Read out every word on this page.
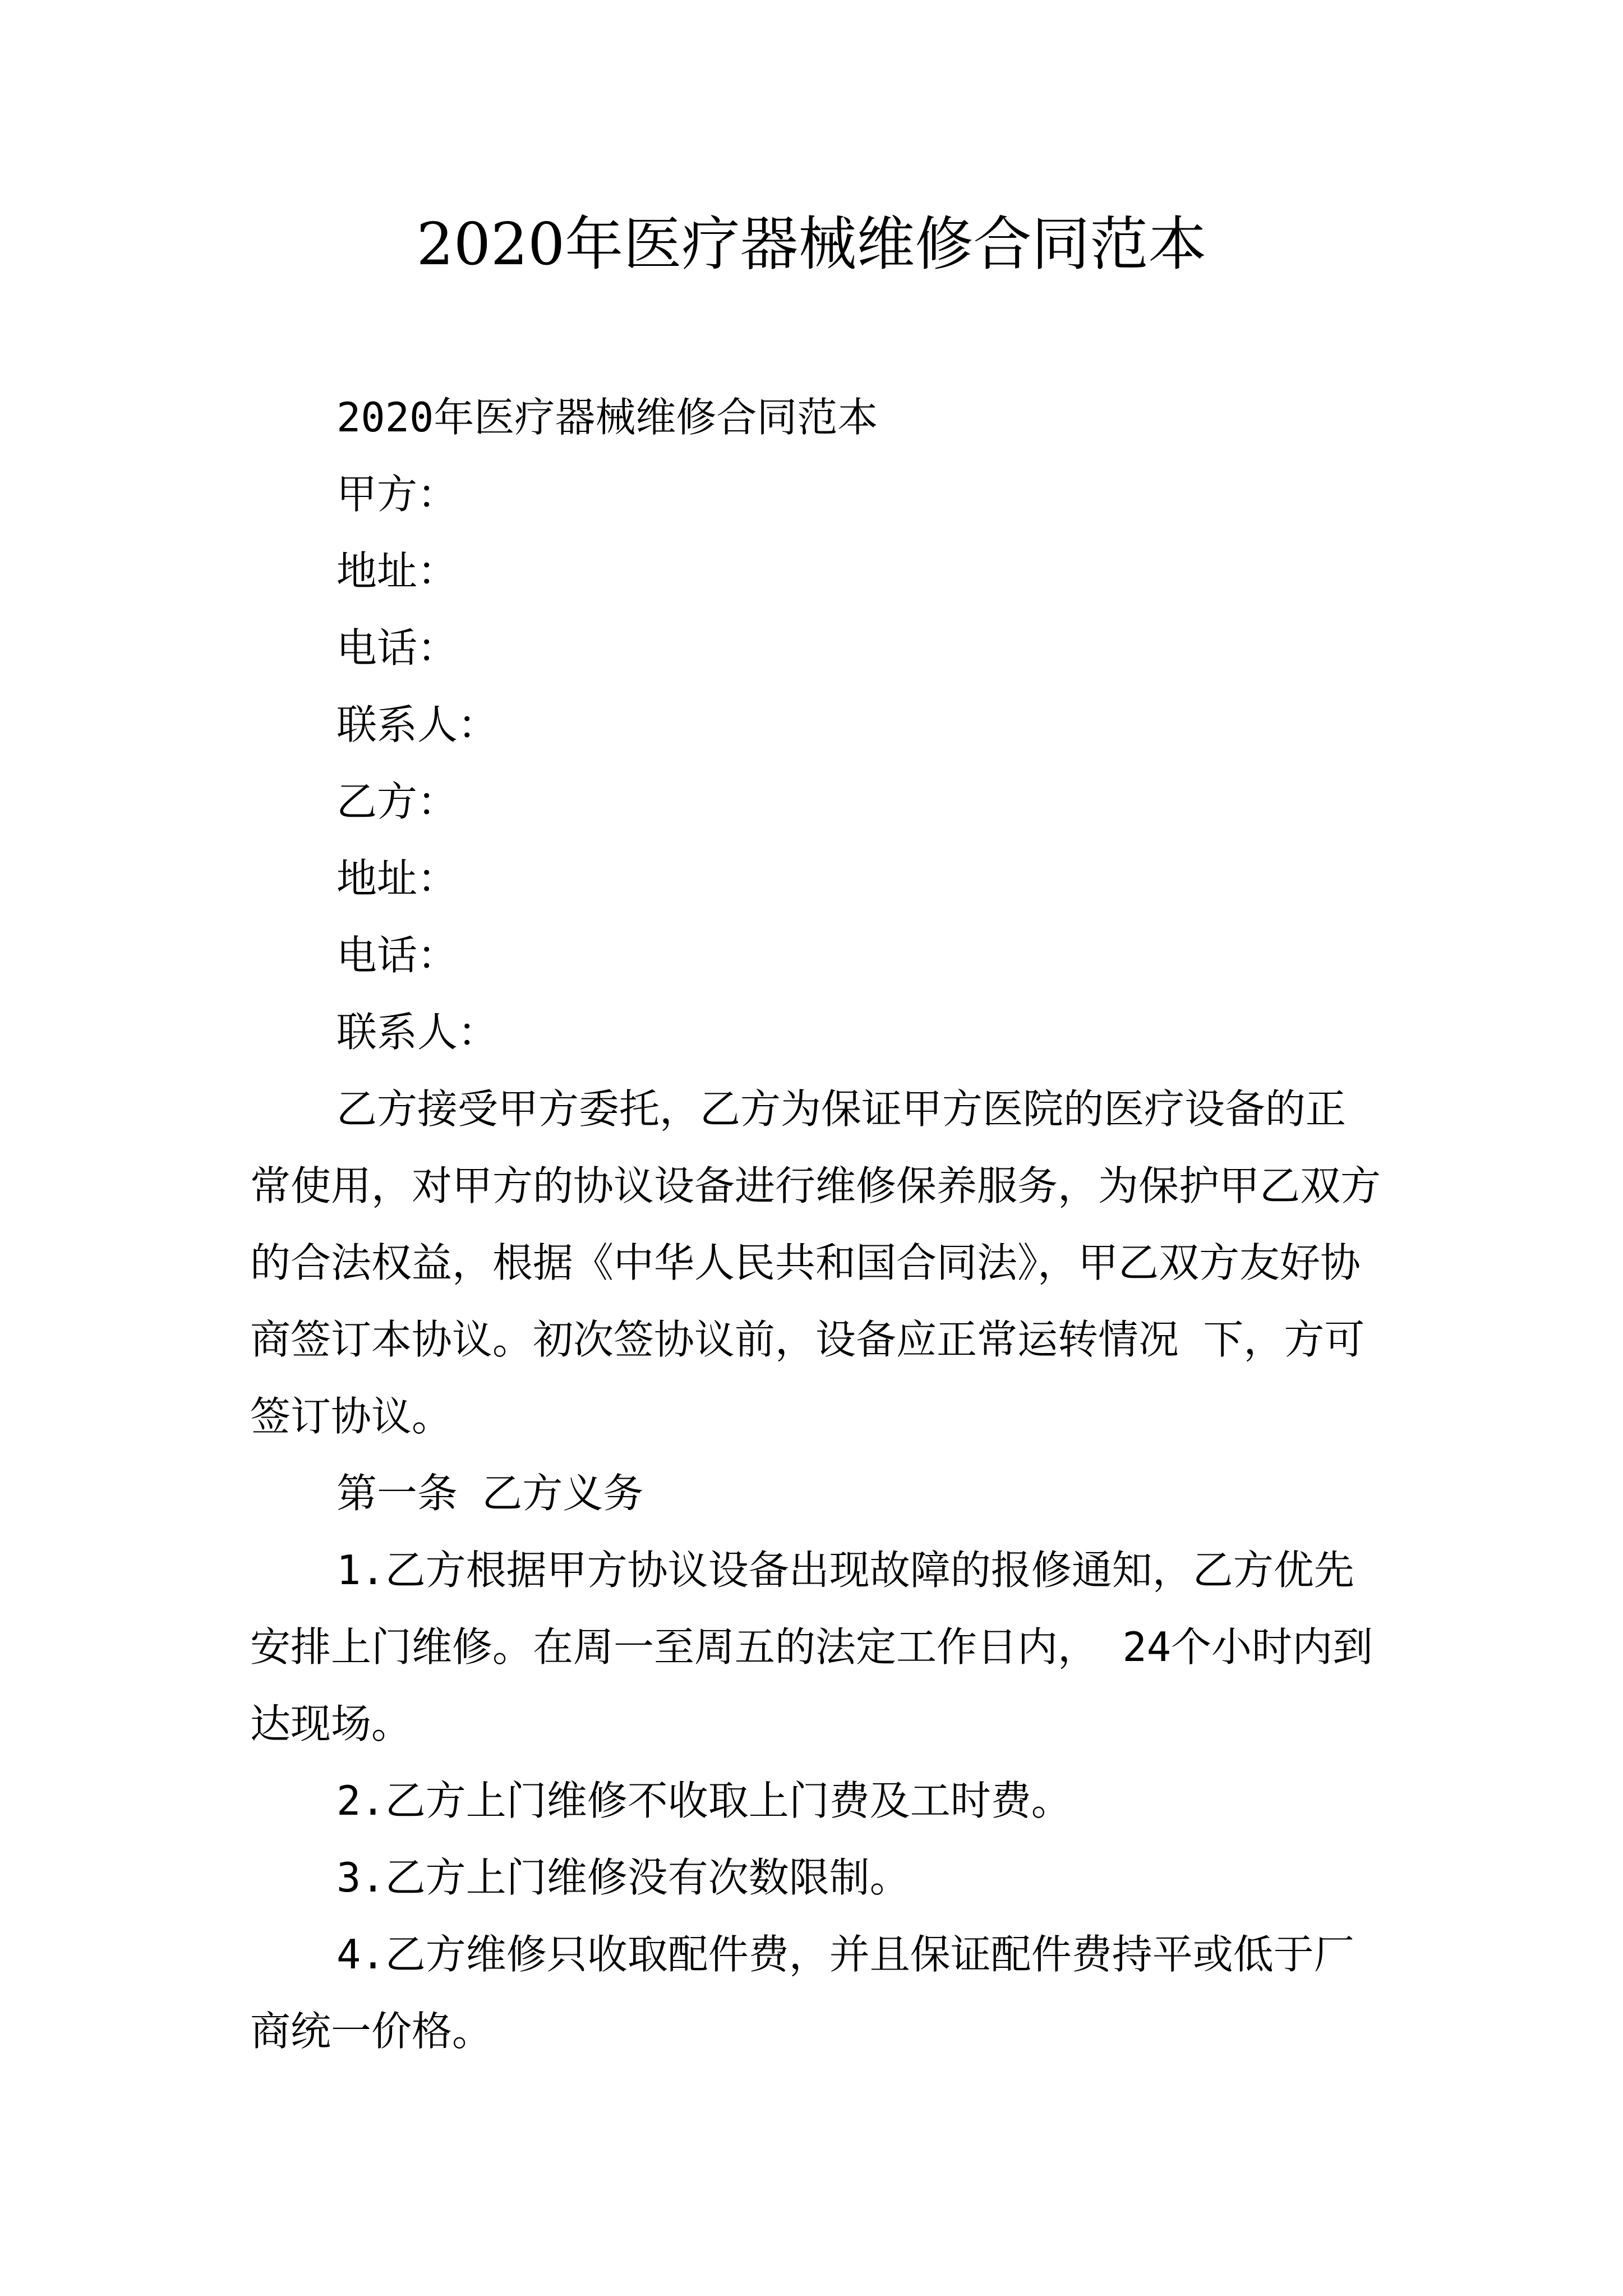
2020年医疗器械维修合同范本
2020年医疗器械维修合同范本
甲方：
地址：
电话：
联系人：
乙方：
地址：
电话：
联系人：
乙方接受甲方委托，乙方为保证甲方医院的医疗设备的正常使用，对甲方的协议设备进行维修保养服务，为保护甲乙双方的合法权益，根据《中华人民共和国合同法》，甲乙双方友好协商签订本协议。初次签协议前，设备应正常运转情况 下，方可签订协议。
第一条 乙方义务
1.乙方根据甲方协议设备出现故障的报修通知，乙方优先安排上门维修。在周一至周五的法定工作日内， 24个小时内到达现场。
2.乙方上门维修不收取上门费及工时费。
3.乙方上门维修没有次数限制。
4.乙方维修只收取配件费，并且保证配件费持平或低于厂商统一价格。
